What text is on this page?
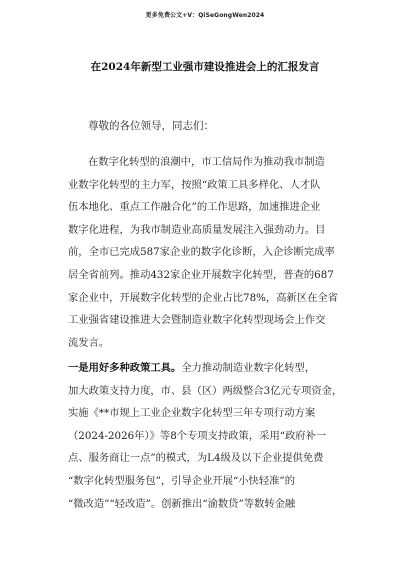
更多免费公文+V：QiSeGongWen2024
在2024年新型工业强市建设推进会上的汇报发言
尊敬的各位领导，同志们：
在数字化转型的浪潮中，市工信局作为推动我市制造
业数字化转型的主力军，按照“政策工具多样化、人才队
伍本地化、重点工作融合化”的工作思路，加速推进企业
数字化进程，为我市制造业高质量发展注入强劲动力。目
前，全市已完成587家企业的数字化诊断，入企诊断完成率
居全省前列。推动432家企业开展数字化转型，普查的687
家企业中，开展数字化转型的企业占比78%，高新区在全省
工业强省建设推进大会暨制造业数字化转型现场会上作交
流发言。
一是用好多种政策工具。全力推动制造业数字化转型，
加大政策支持力度，市、县（区）两级整合3亿元专项资金，
实施《**市规上工业企业数字化转型三年专项行动方案
（2024-2026年）》等8个专项支持政策，采用“政府补一
点、服务商让一点”的模式，为L4级及以下企业提供免费
“数字化转型服务包”，引导企业开展“小快轻准”的
“微改造”“轻改造”。创新推出“渝数贷”等数转金融
